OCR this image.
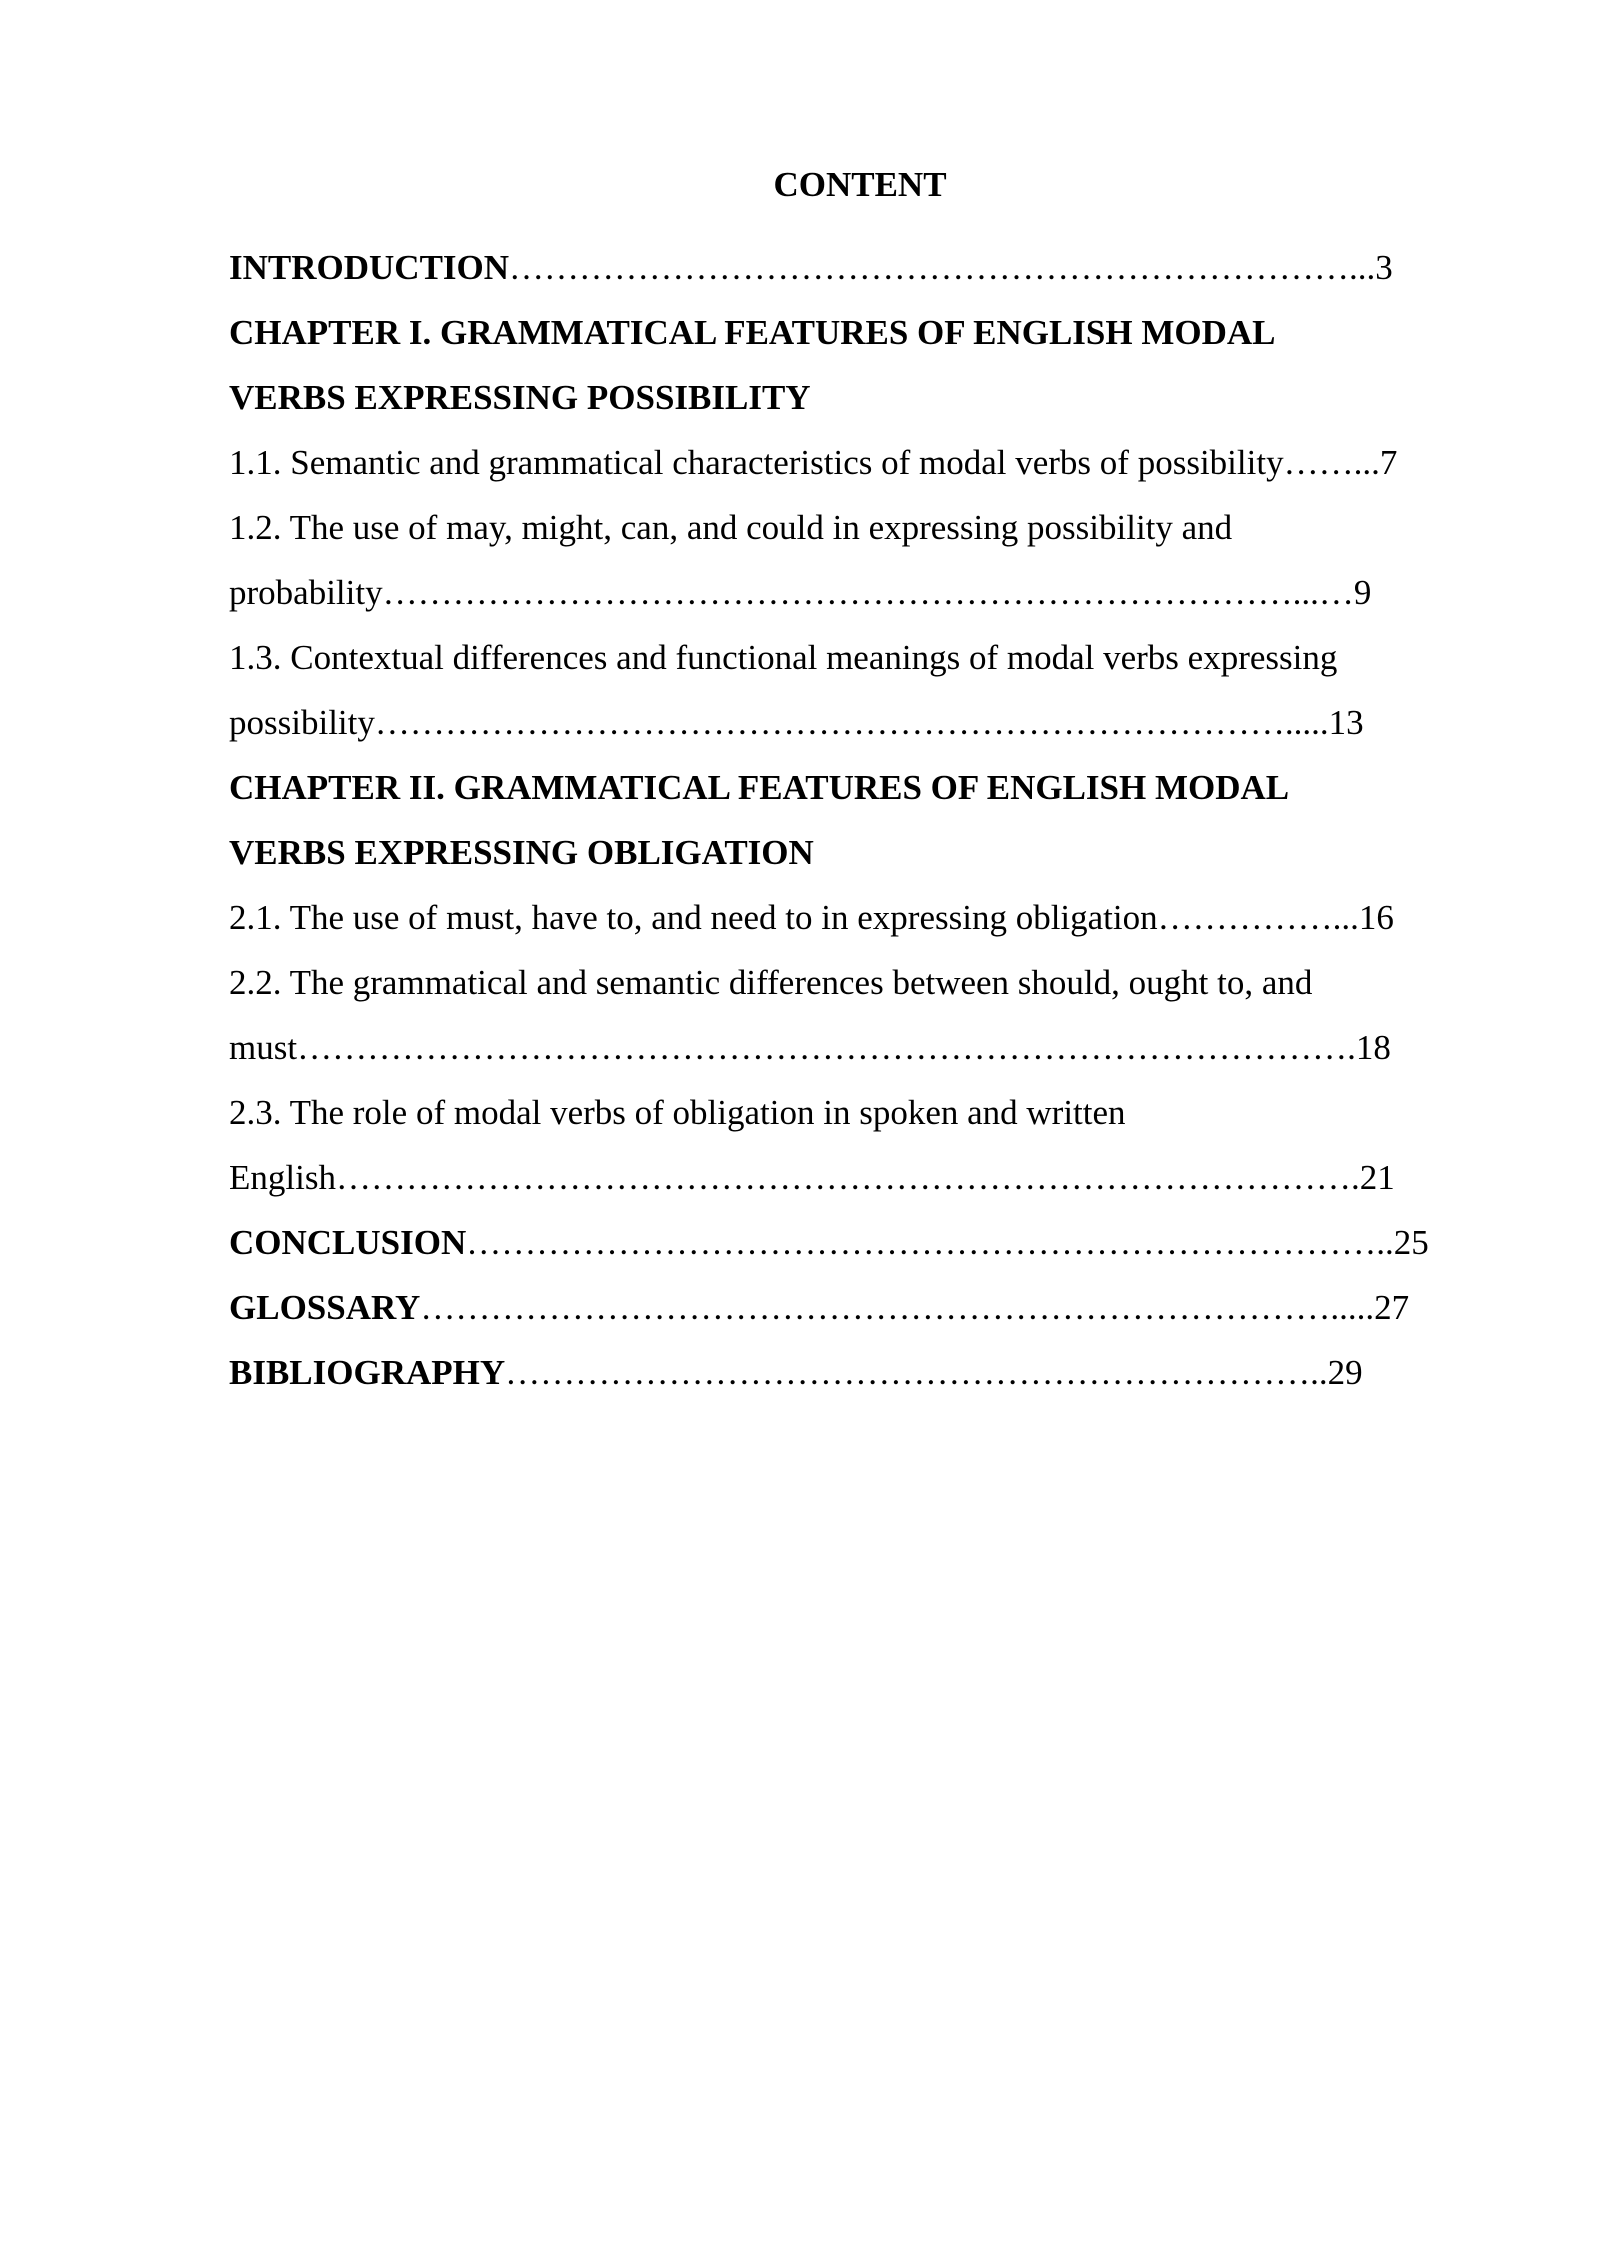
CONTENT
INTRODUCTION………………………………………………………………...3
CHAPTER I. GRAMMATICAL FEATURES OF ENGLISH MODAL
VERBS EXPRESSING POSSIBILITY
1.1. Semantic and grammatical characteristics of modal verbs of possibility……...7
1.2. The use of may, might, can, and could in expressing possibility and
probability……………………………………………………………………...…9
1.3. Contextual differences and functional meanings of modal verbs expressing
possibility…………………………………………………………………….....13
CHAPTER II. GRAMMATICAL FEATURES OF ENGLISH MODAL
VERBS EXPRESSING OBLIGATION
2.1. The use of must, have to, and need to in expressing obligation……………...16
2.2. The grammatical and semantic differences between should, ought to, and
must……………………………………………………………………………….18
2.3. The role of modal verbs of obligation in spoken and written
English…………………………………………………………………………….21
CONCLUSION……………………………………………………………………..25
GLOSSARY…………………………………………………………………….....27
BIBLIOGRAPHY……………………………………………………………..29
